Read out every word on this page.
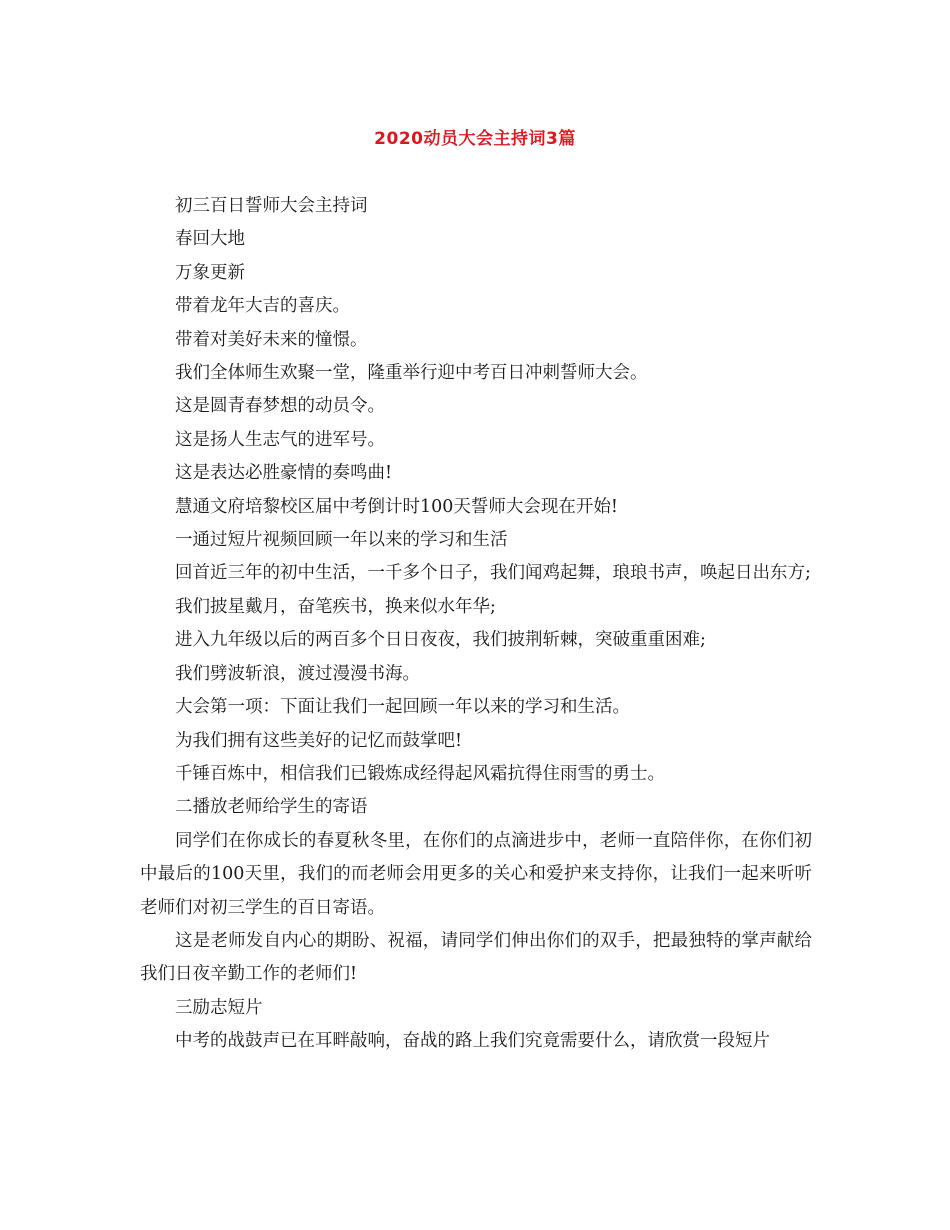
2020动员大会主持词3篇

初三百日誓师大会主持词

春回大地

万象更新

带着龙年大吉的喜庆。

带着对美好未来的憧憬。

我们全体师生欢聚一堂，隆重举行迎中考百日冲刺誓师大会。

这是圆青春梦想的动员令。

这是扬人生志气的进军号。

这是表达必胜豪情的奏鸣曲!

慧通文府培黎校区届中考倒计时100天誓师大会现在开始!

一通过短片视频回顾一年以来的学习和生活

回首近三年的初中生活，一千多个日子，我们闻鸡起舞，琅琅书声，唤起日出东方;

我们披星戴月，奋笔疾书，换来似水年华;

进入九年级以后的两百多个日日夜夜，我们披荆斩棘，突破重重困难;

我们劈波斩浪，渡过漫漫书海。

大会第一项：下面让我们一起回顾一年以来的学习和生活。

为我们拥有这些美好的记忆而鼓掌吧!

千锤百炼中，相信我们已锻炼成经得起风霜抗得住雨雪的勇士。

二播放老师给学生的寄语

同学们在你成长的春夏秋冬里，在你们的点滴进步中，老师一直陪伴你，在你们初中最后的100天里，我们的而老师会用更多的关心和爱护来支持你，让我们一起来听听老师们对初三学生的百日寄语。

这是老师发自内心的期盼、祝福，请同学们伸出你们的双手，把最独特的掌声献给我们日夜辛勤工作的老师们!

三励志短片

中考的战鼓声已在耳畔敲响，奋战的路上我们究竟需要什么，请欣赏一段短片
